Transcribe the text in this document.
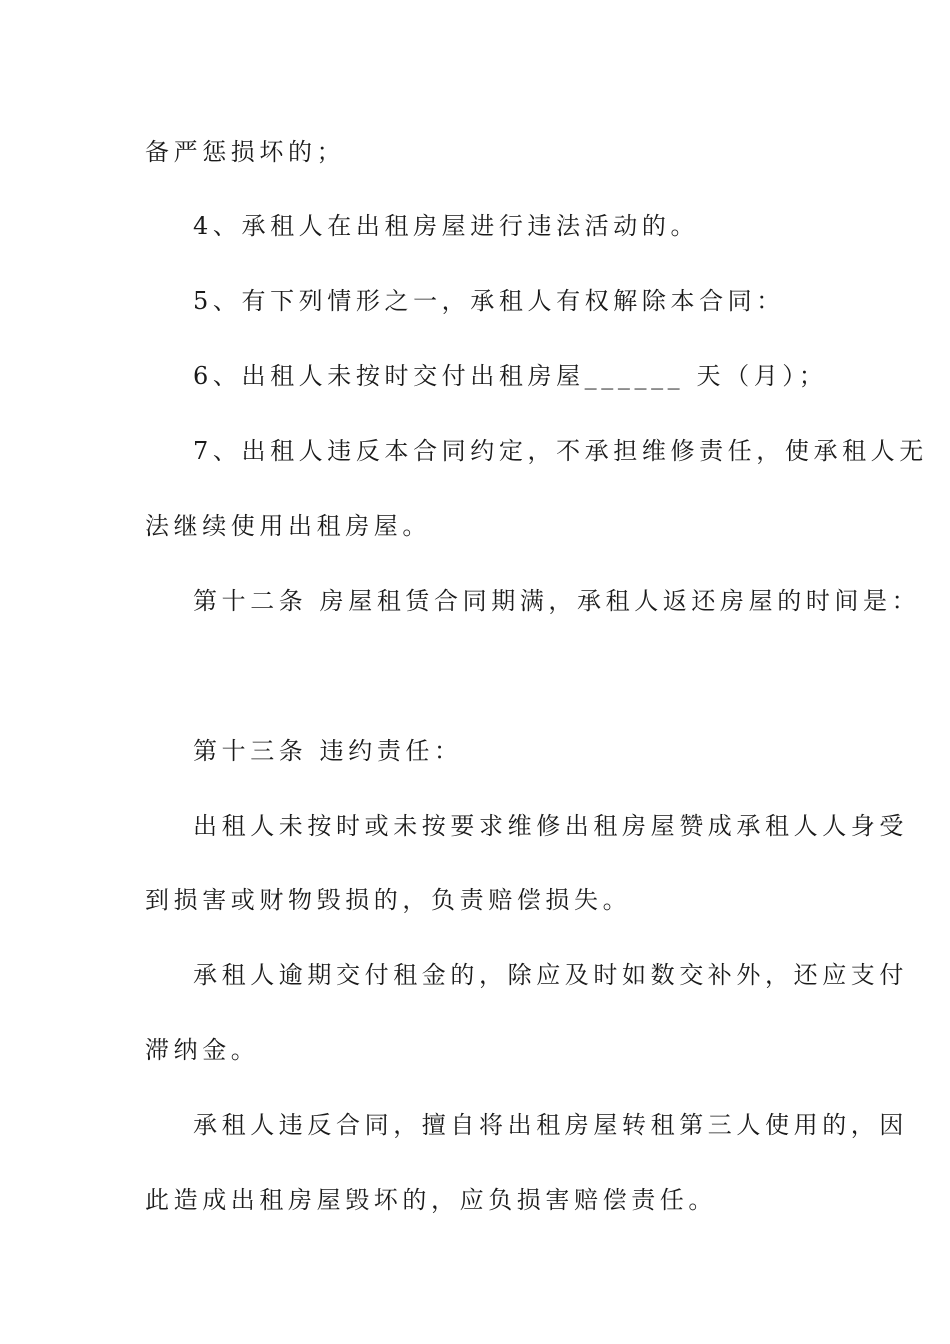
备严惩损坏的；

4、承租人在出租房屋进行违法活动的。

5、有下列情形之一，承租人有权解除本合同：

6、出租人未按时交付出租房屋______ 天（月）；

7、出租人违反本合同约定，不承担维修责任，使承租人无

法继续使用出租房屋。

第十二条 房屋租赁合同期满，承租人返还房屋的时间是：

第十三条 违约责任：

出租人未按时或未按要求维修出租房屋赞成承租人人身受

到损害或财物毁损的，负责赔偿损失。

承租人逾期交付租金的，除应及时如数交补外，还应支付

滞纳金。

承租人违反合同，擅自将出租房屋转租第三人使用的，因

此造成出租房屋毁坏的，应负损害赔偿责任。
